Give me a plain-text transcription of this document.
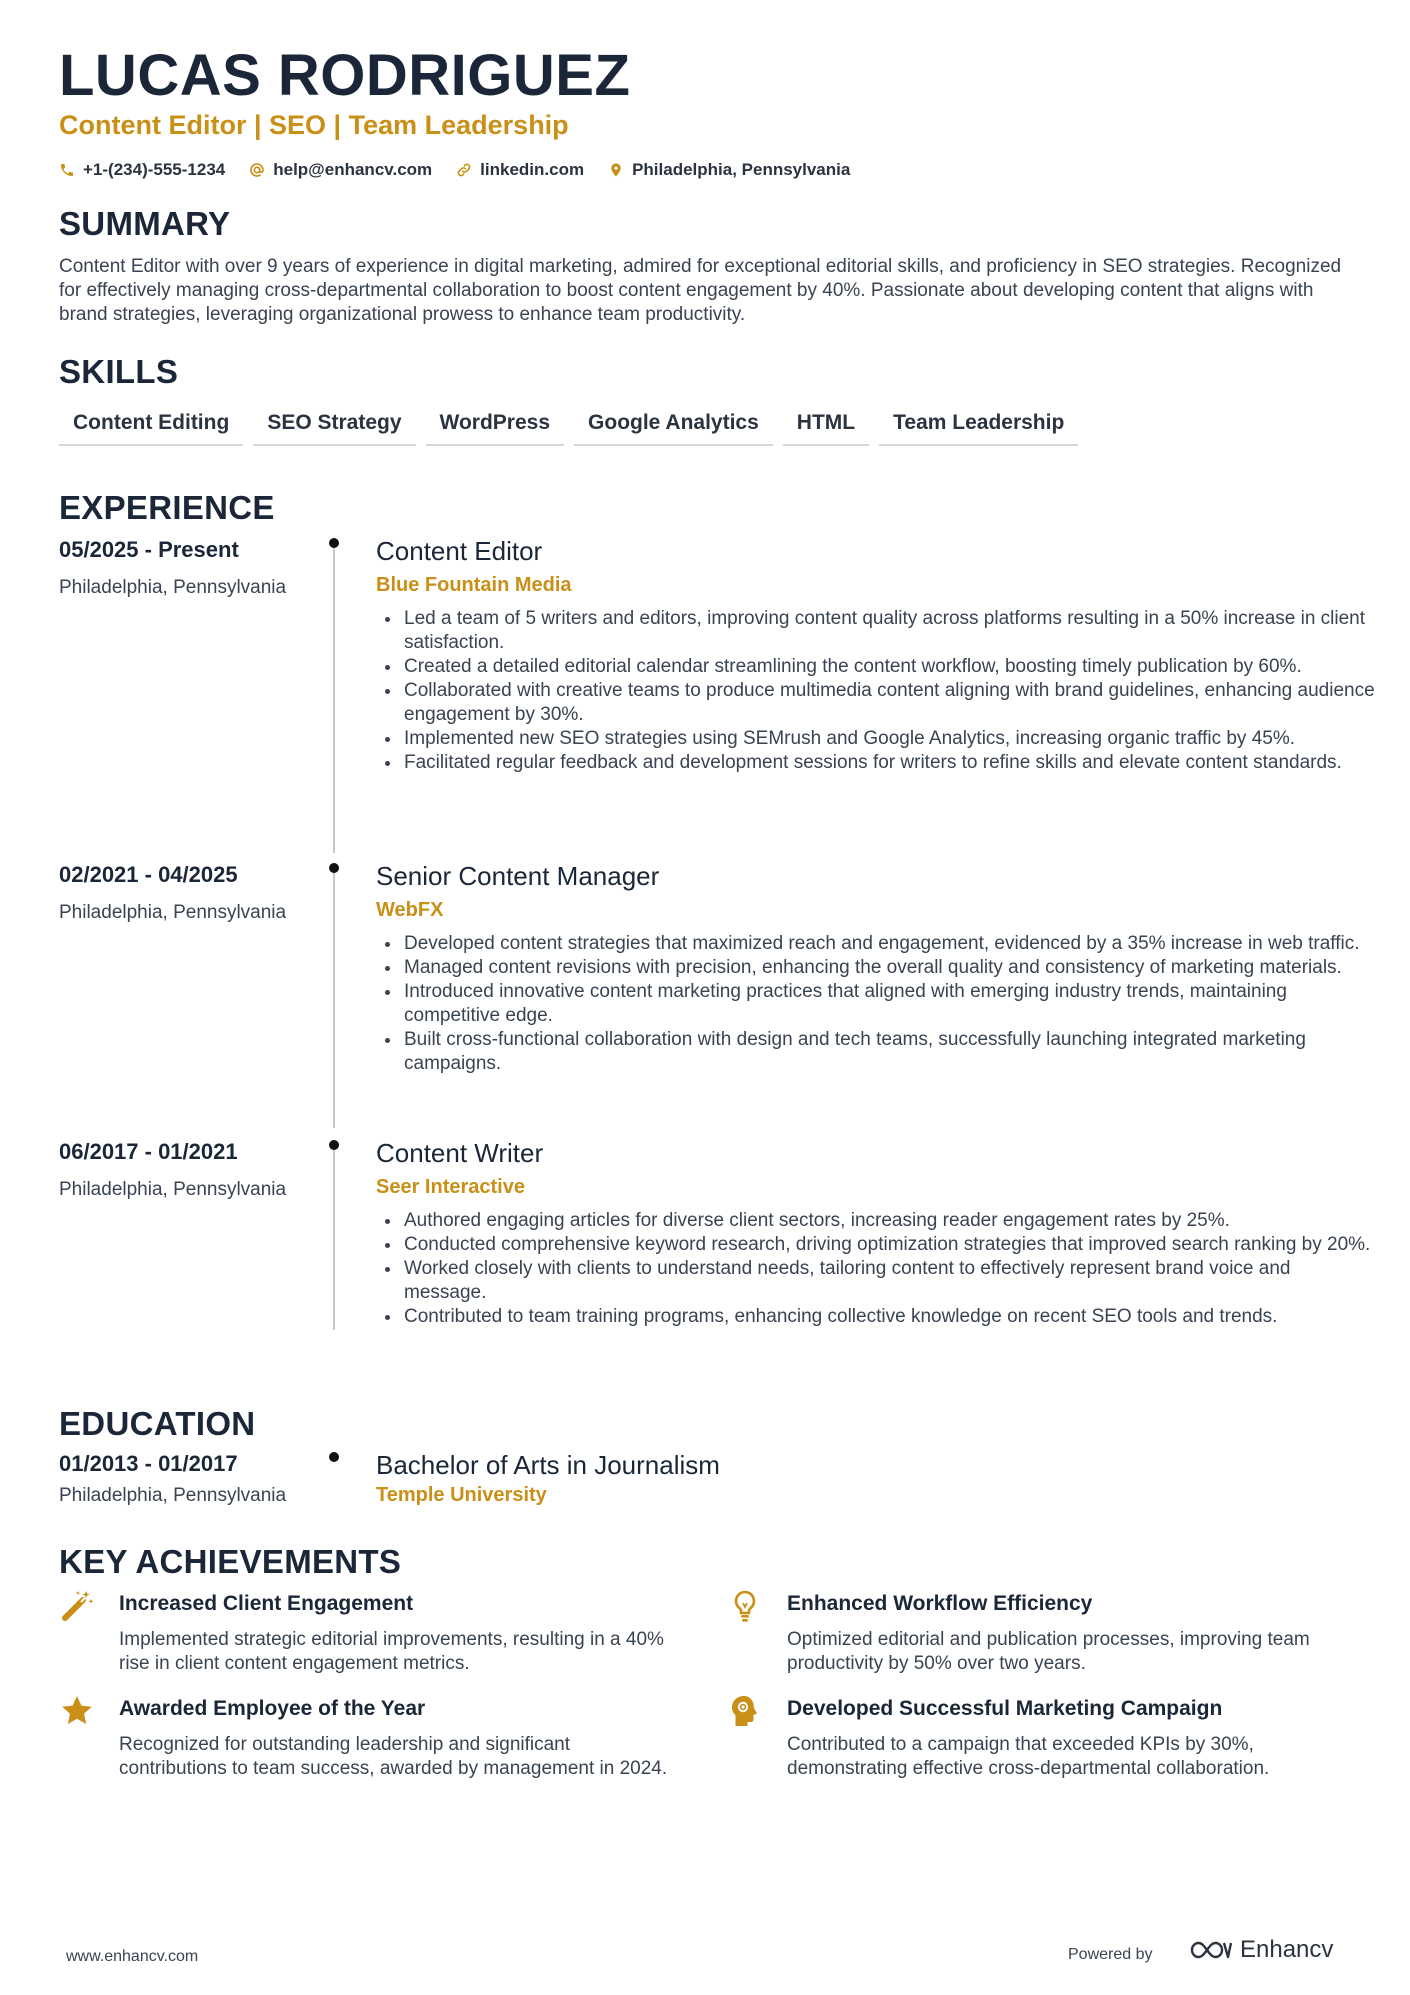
LUCAS RODRIGUEZ
Content Editor | SEO | Team Leadership
+1-(234)-555-1234	help@enhancv.com	linkedin.com	Philadelphia, Pennsylvania
SUMMARY
Content Editor with over 9 years of experience in digital marketing, admired for exceptional editorial skills, and proficiency in SEO strategies. Recognized for effectively managing cross-departmental collaboration to boost content engagement by 40%. Passionate about developing content that aligns with brand strategies, leveraging organizational prowess to enhance team productivity.
SKILLS
Content Editing	SEO Strategy	WordPress	Google Analytics	HTML	Team Leadership
EXPERIENCE
05/2025 - Present
Philadelphia, Pennsylvania
Content Editor
Blue Fountain Media
Led a team of 5 writers and editors, improving content quality across platforms resulting in a 50% increase in client satisfaction.
Created a detailed editorial calendar streamlining the content workflow, boosting timely publication by 60%.
Collaborated with creative teams to produce multimedia content aligning with brand guidelines, enhancing audience engagement by 30%.
Implemented new SEO strategies using SEMrush and Google Analytics, increasing organic traffic by 45%.
Facilitated regular feedback and development sessions for writers to refine skills and elevate content standards.
02/2021 - 04/2025
Philadelphia, Pennsylvania
Senior Content Manager
WebFX
Developed content strategies that maximized reach and engagement, evidenced by a 35% increase in web traffic.
Managed content revisions with precision, enhancing the overall quality and consistency of marketing materials.
Introduced innovative content marketing practices that aligned with emerging industry trends, maintaining competitive edge.
Built cross-functional collaboration with design and tech teams, successfully launching integrated marketing campaigns.
06/2017 - 01/2021
Philadelphia, Pennsylvania
Content Writer
Seer Interactive
Authored engaging articles for diverse client sectors, increasing reader engagement rates by 25%.
Conducted comprehensive keyword research, driving optimization strategies that improved search ranking by 20%.
Worked closely with clients to understand needs, tailoring content to effectively represent brand voice and message.
Contributed to team training programs, enhancing collective knowledge on recent SEO tools and trends.
EDUCATION
01/2013 - 01/2017
Philadelphia, Pennsylvania
Bachelor of Arts in Journalism
Temple University
KEY ACHIEVEMENTS
Increased Client Engagement
Implemented strategic editorial improvements, resulting in a 40% rise in client content engagement metrics.
Enhanced Workflow Efficiency
Optimized editorial and publication processes, improving team productivity by 50% over two years.
Awarded Employee of the Year
Recognized for outstanding leadership and significant contributions to team success, awarded by management in 2024.
Developed Successful Marketing Campaign
Contributed to a campaign that exceeded KPIs by 30%, demonstrating effective cross-departmental collaboration.
www.enhancv.com	Powered by	Enhancv
